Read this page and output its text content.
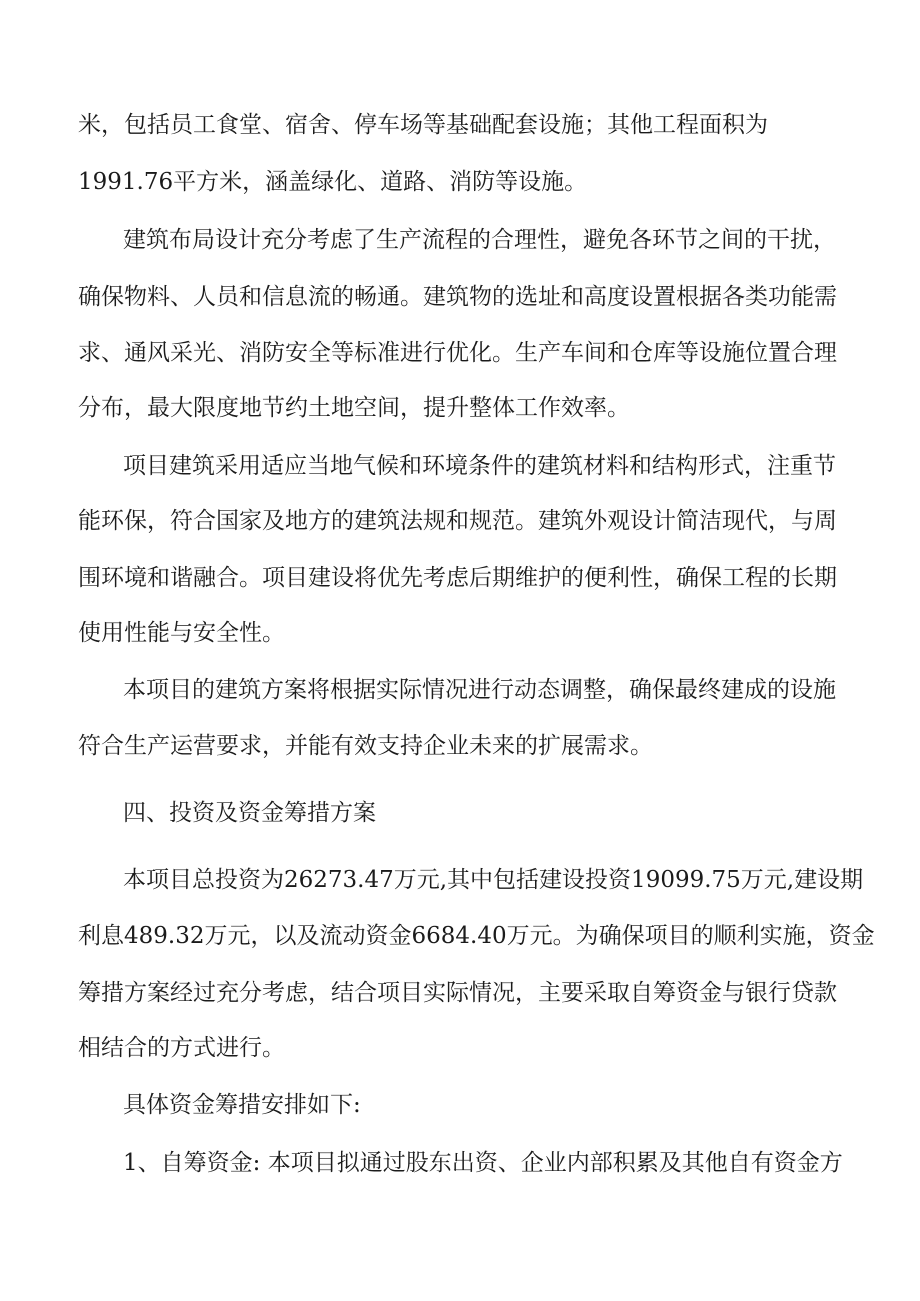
米，包括员工食堂、宿舍、停车场等基础配套设施；其他工程面积为
1991.76平方米，涵盖绿化、道路、消防等设施。
建筑布局设计充分考虑了生产流程的合理性，避免各环节之间的干扰，
确保物料、人员和信息流的畅通。建筑物的选址和高度设置根据各类功能需
求、通风采光、消防安全等标准进行优化。生产车间和仓库等设施位置合理
分布，最大限度地节约土地空间，提升整体工作效率。
项目建筑采用适应当地气候和环境条件的建筑材料和结构形式，注重节
能环保，符合国家及地方的建筑法规和规范。建筑外观设计简洁现代，与周
围环境和谐融合。项目建设将优先考虑后期维护的便利性，确保工程的长期
使用性能与安全性。
本项目的建筑方案将根据实际情况进行动态调整，确保最终建成的设施
符合生产运营要求，并能有效支持企业未来的扩展需求。
四、投资及资金筹措方案
本项目总投资为26273.47万元,其中包括建设投资19099.75万元,建设期
利息489.32万元，以及流动资金6684.40万元。为确保项目的顺利实施，资金
筹措方案经过充分考虑，结合项目实际情况，主要采取自筹资金与银行贷款
相结合的方式进行。
具体资金筹措安排如下:
1、自筹资金: 本项目拟通过股东出资、企业内部积累及其他自有资金方
